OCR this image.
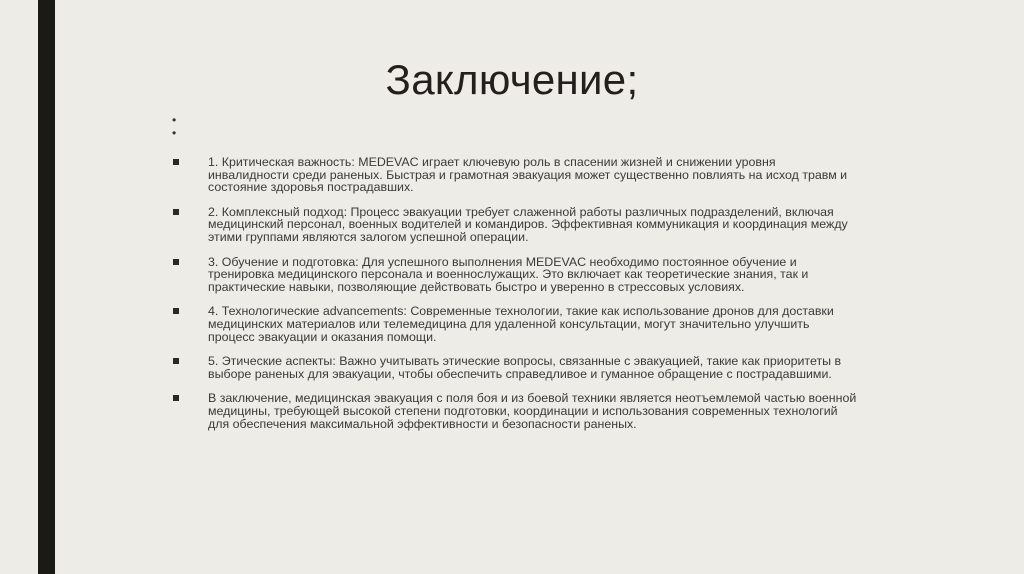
Заключение;
•
•
1. Критическая важность: MEDEVAC играет ключевую роль в спасении жизней и снижении уровня инвалидности среди раненых. Быстрая и грамотная эвакуация может существенно повлиять на исход травм и состояние здоровья пострадавших.
2. Комплексный подход: Процесс эвакуации требует слаженной работы различных подразделений, включая медицинский персонал, военных водителей и командиров. Эффективная коммуникация и координация между этими группами являются залогом успешной операции.
3. Обучение и подготовка: Для успешного выполнения MEDEVAC необходимо постоянное обучение и тренировка медицинского персонала и военнослужащих. Это включает как теоретические знания, так и практические навыки, позволяющие действовать быстро и уверенно в стрессовых условиях.
4. Технологические advancements: Современные технологии, такие как использование дронов для доставки медицинских материалов или телемедицина для удаленной консультации, могут значительно улучшить процесс эвакуации и оказания помощи.
5. Этические аспекты: Важно учитывать этические вопросы, связанные с эвакуацией, такие как приоритеты в выборе раненых для эвакуации, чтобы обеспечить справедливое и гуманное обращение с пострадавшими.
В заключение, медицинская эвакуация с поля боя и из боевой техники является неотъемлемой частью военной медицины, требующей высокой степени подготовки, координации и использования современных технологий для обеспечения максимальной эффективности и безопасности раненых.
